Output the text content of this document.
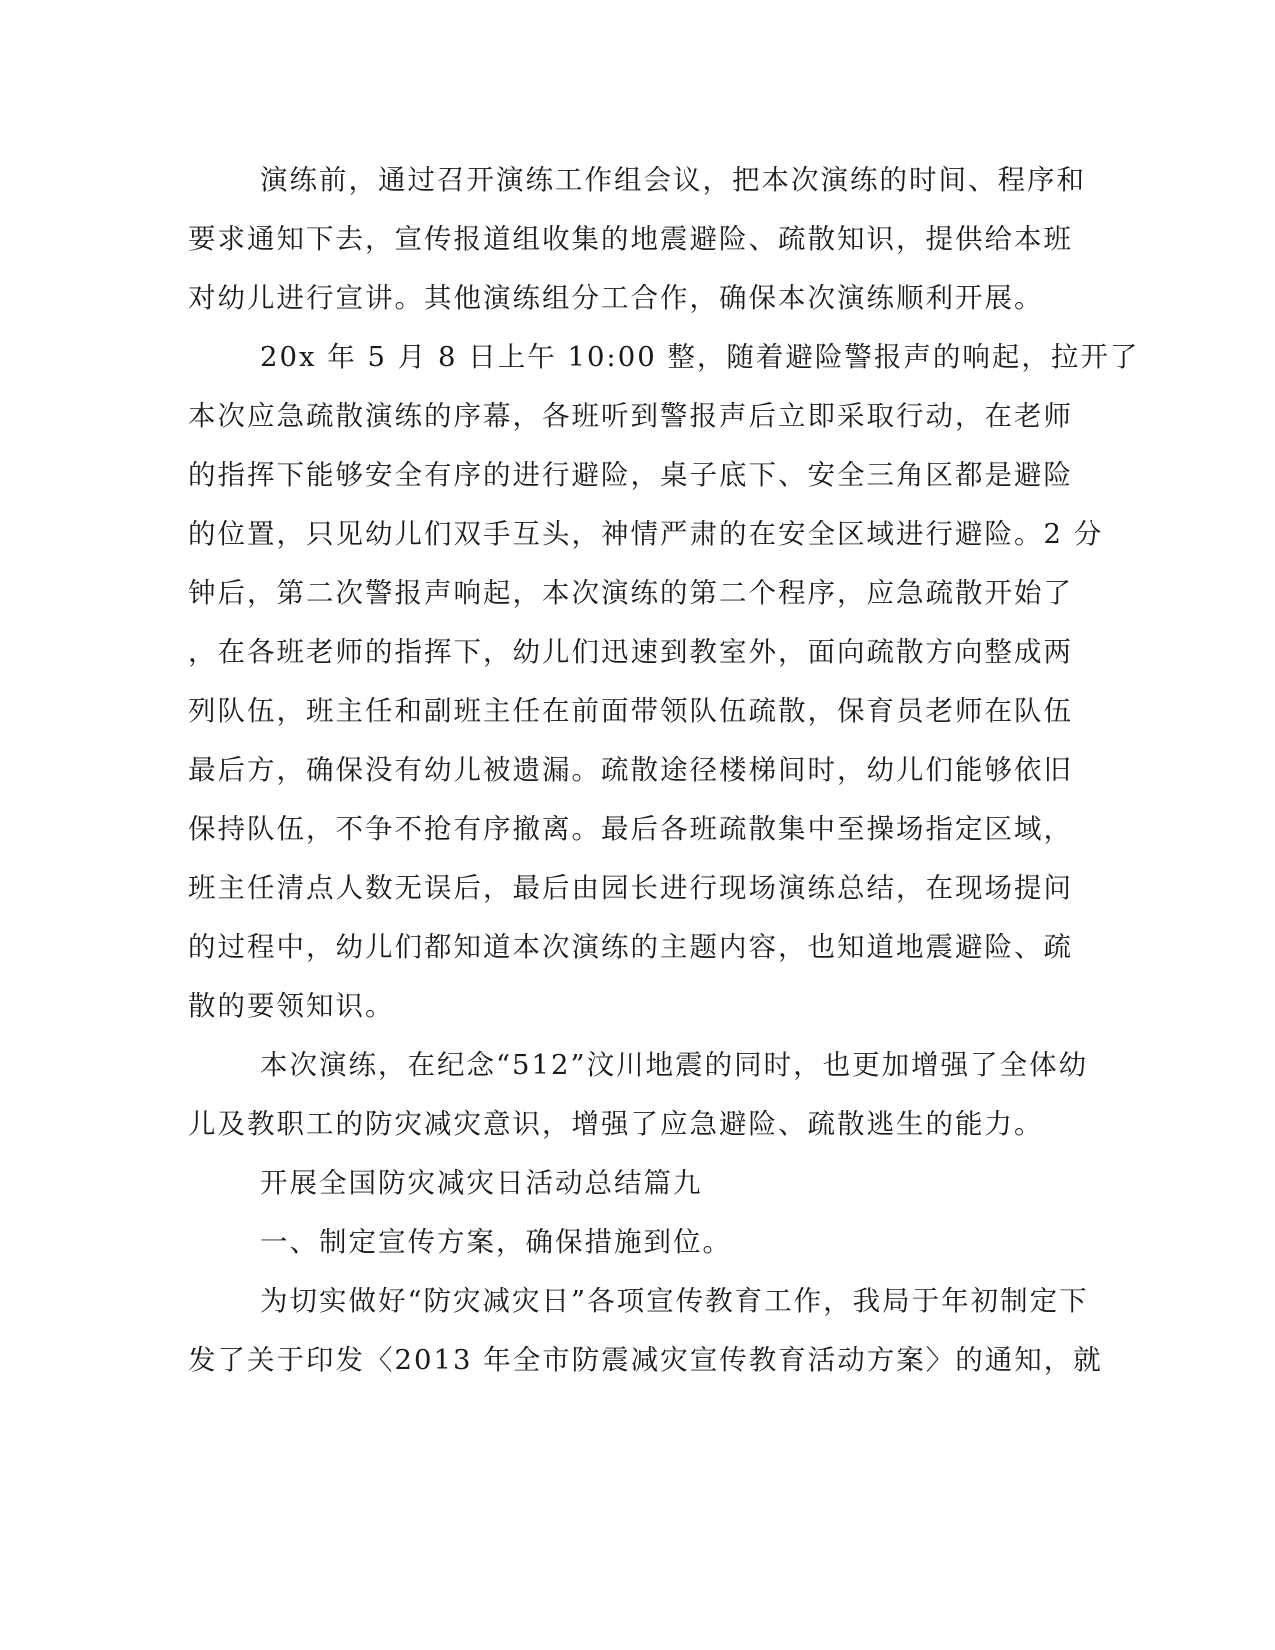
演练前，通过召开演练工作组会议，把本次演练的时间、程序和
要求通知下去，宣传报道组收集的地震避险、疏散知识，提供给本班
对幼儿进行宣讲。其他演练组分工合作，确保本次演练顺利开展。
20x 年 5 月 8 日上午 10:00 整，随着避险警报声的响起，拉开了
本次应急疏散演练的序幕，各班听到警报声后立即采取行动，在老师
的指挥下能够安全有序的进行避险，桌子底下、安全三角区都是避险
的位置，只见幼儿们双手互头，神情严肃的在安全区域进行避险。2 分
钟后，第二次警报声响起，本次演练的第二个程序，应急疏散开始了
，在各班老师的指挥下，幼儿们迅速到教室外，面向疏散方向整成两
列队伍，班主任和副班主任在前面带领队伍疏散，保育员老师在队伍
最后方，确保没有幼儿被遗漏。疏散途径楼梯间时，幼儿们能够依旧
保持队伍，不争不抢有序撤离。最后各班疏散集中至操场指定区域，
班主任清点人数无误后，最后由园长进行现场演练总结，在现场提问
的过程中，幼儿们都知道本次演练的主题内容，也知道地震避险、疏
散的要领知识。
本次演练，在纪念“512”汶川地震的同时，也更加增强了全体幼
儿及教职工的防灾减灾意识，增强了应急避险、疏散逃生的能力。
开展全国防灾减灾日活动总结篇九
一、制定宣传方案，确保措施到位。
为切实做好“防灾减灾日”各项宣传教育工作，我局于年初制定下
发了关于印发〈2013 年全市防震减灾宣传教育活动方案〉的通知，就
